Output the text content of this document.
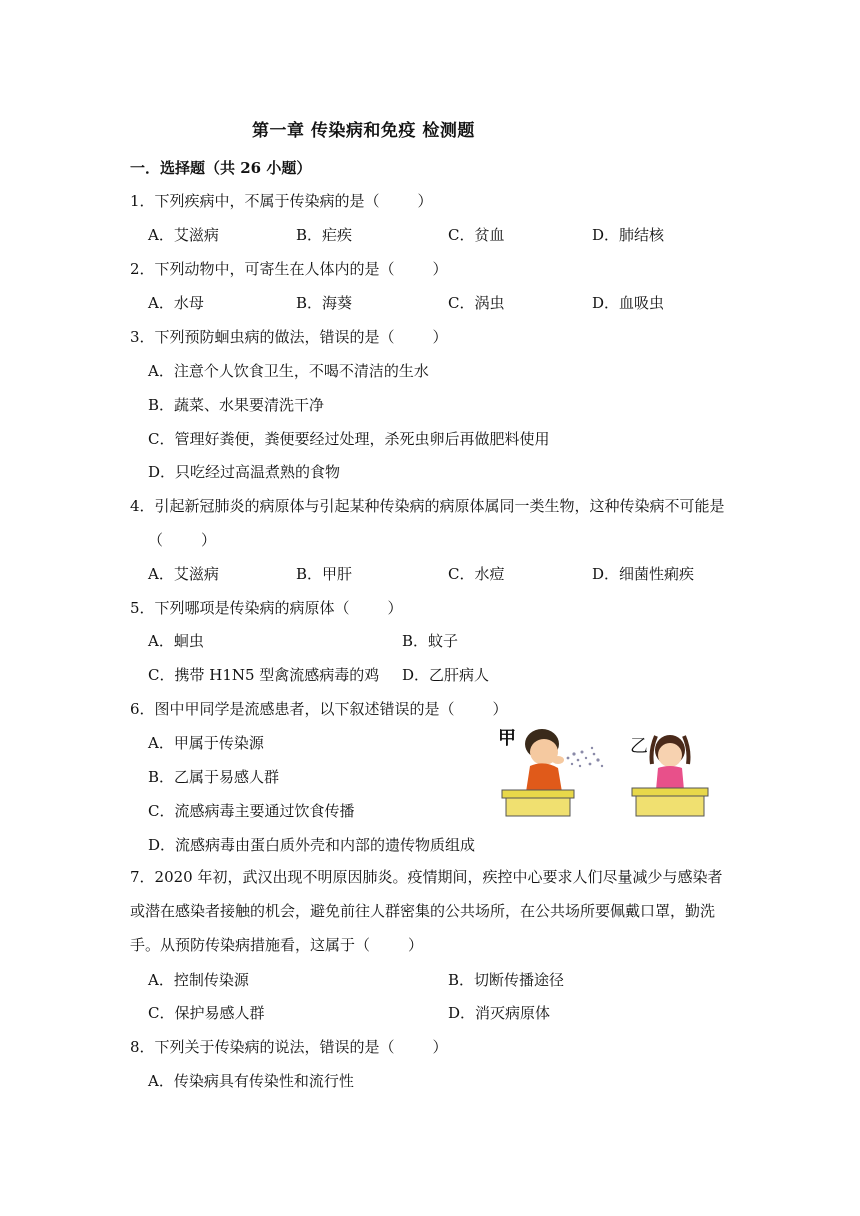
第一章 传染病和免疫 检测题
一．选择题（共 26 小题）
1．下列疾病中，不属于传染病的是（	）
A．艾滋病	B．疟疾	C．贫血	D．肺结核
2．下列动物中，可寄生在人体内的是（	）
A．水母	B．海葵	C．涡虫	D．血吸虫
3．下列预防蛔虫病的做法，错误的是（	）
A．注意个人饮食卫生，不喝不清洁的生水
B．蔬菜、水果要清洗干净
C．管理好粪便，粪便要经过处理，杀死虫卵后再做肥料使用
D．只吃经过高温煮熟的食物
4．引起新冠肺炎的病原体与引起某种传染病的病原体属同一类生物，这种传染病不可能是
（	）
A．艾滋病	B．甲肝	C．水痘	D．细菌性痢疾
5．下列哪项是传染病的病原体（	）
A．蛔虫	B．蚊子
C．携带 H1N5 型禽流感病毒的鸡 D．乙肝病人
6．图中甲同学是流感患者，以下叙述错误的是（	）
A．甲属于传染源
B．乙属于易感人群
C．流感病毒主要通过饮食传播
D．流感病毒由蛋白质外壳和内部的遗传物质组成
甲	乙
7．2020 年初，武汉出现不明原因肺炎。疫情期间，疾控中心要求人们尽量减少与感染者或潜在感染者接触的机会，避免前往人群密集的公共场所，在公共场所要佩戴口罩，勤洗手。从预防传染病措施看，这属于（	）
A．控制传染源	B．切断传播途径
C．保护易感人群	D．消灭病原体
8．下列关于传染病的说法，错误的是（	）
A．传染病具有传染性和流行性
